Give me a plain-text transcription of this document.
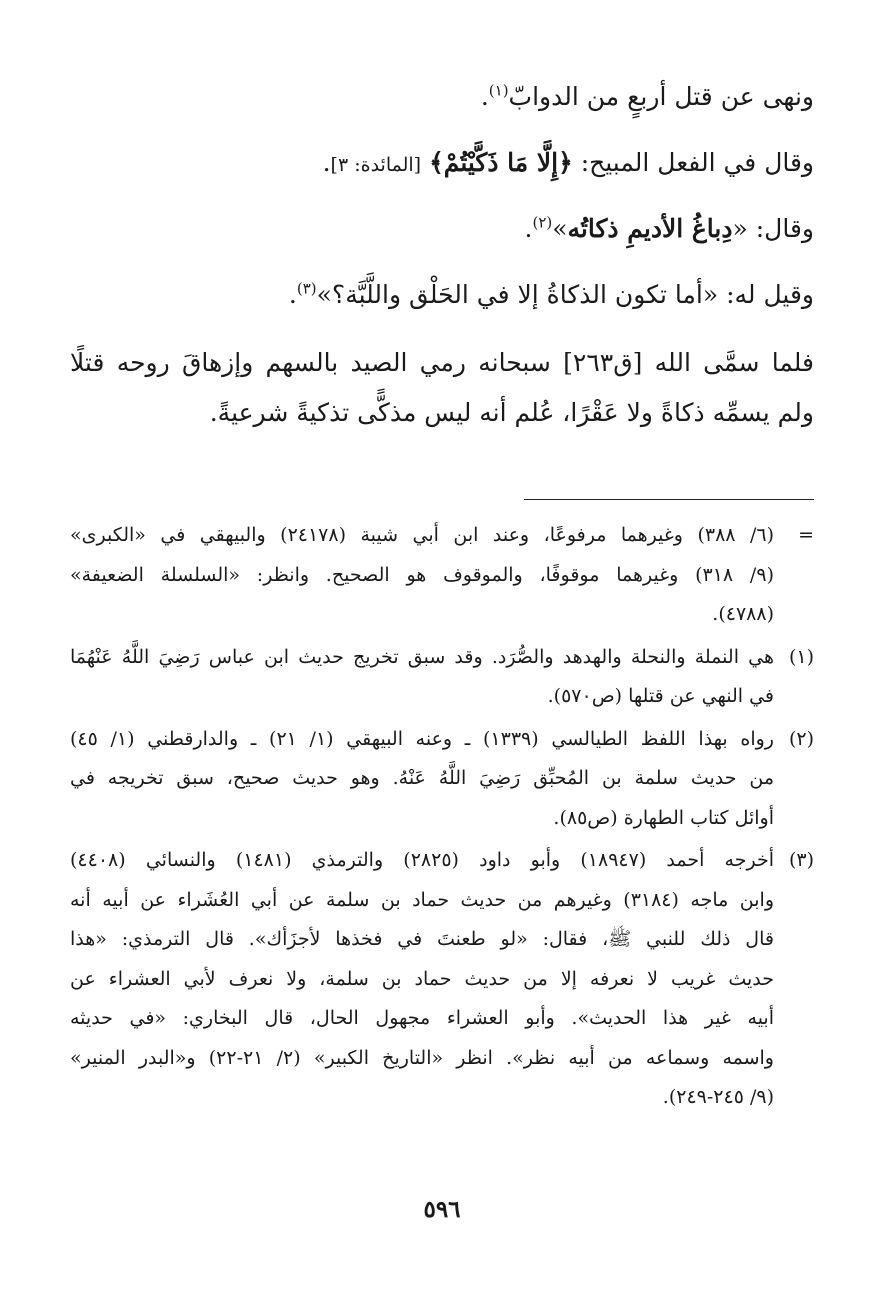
ونهى عن قتل أربعٍ من الدوابّ$^{(١)}$.

وقال في الفعل المبيح: ﴿إِلَّا مَا ذَكَّيْتُمْ﴾ [المائدة: ٣].

وقال: «دِباغُ الأديمِ ذكاتُه»$^{(٢)}$.

وقيل له: «أما تكون الذكاةُ إلا في الحَلْق واللَّبَّة؟»$^{(٣)}$.

فلما سمَّى الله [ق٢٦٣] سبحانه رمي الصيد بالسهم وإزهاقَ روحه قتلًا ولم يسمِّه ذكاةً ولا عَقْرًا، عُلم أنه ليس مذكًّى تذكيةً شرعيةً.

=
(٦/ ٣٨٨) وغيرهما مرفوعًا، وعند ابن أبي شيبة (٢٤١٧٨) والبيهقي في «الكبرى»
(٩/ ٣١٨) وغيرهما موقوفًا، والموقوف هو الصحيح. وانظر: «السلسلة الضعيفة»
(٤٧٨٨).
(١)
هي النملة والنحلة والهدهد والصُّرَد. وقد سبق تخريج حديث ابن عباس رَضِيَ اللَّهُ عَنْهُمَا
في النهي عن قتلها (ص٥٧٠).
(٢)
رواه بهذا اللفظ الطيالسي (١٣٣٩) ـ وعنه البيهقي (١/ ٢١) ـ والدارقطني (١/ ٤٥)
من حديث سلمة بن المُحبِّق رَضِيَ اللَّهُ عَنْهُ. وهو حديث صحيح، سبق تخريجه في
أوائل كتاب الطهارة (ص٨٥).
(٣)
أخرجه أحمد (١٨٩٤٧) وأبو داود (٢٨٢٥) والترمذي (١٤٨١) والنسائي (٤٤٠٨)
وابن ماجه (٣١٨٤) وغيرهم من حديث حماد بن سلمة عن أبي العُشَراء عن أبيه أنه
قال ذلك للنبي ﷺ، فقال: «لو طعنتَ في فخذها لأجزَأك». قال الترمذي: «هذا
حديث غريب لا نعرفه إلا من حديث حماد بن سلمة، ولا نعرف لأبي العشراء عن
أبيه غير هذا الحديث». وأبو العشراء مجهول الحال، قال البخاري: «في حديثه
واسمه وسماعه من أبيه نظر». انظر «التاريخ الكبير» (٢/ ٢١-٢٢) و«البدر المنير»
(٩/ ٢٤٥-٢٤٩).
٥٩٦
